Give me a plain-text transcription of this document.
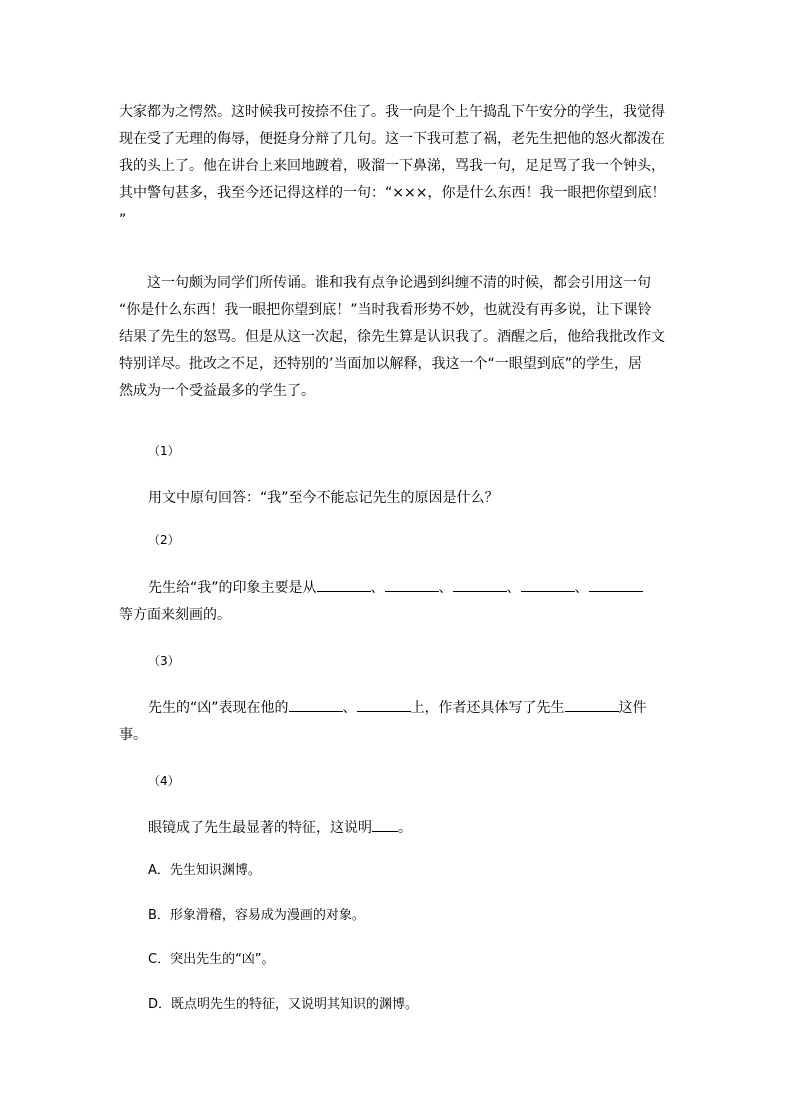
大家都为之愕然。这时候我可按捺不住了。我一向是个上午捣乱下午安分的学生，我觉得
现在受了无理的侮辱，便挺身分辩了几句。这一下我可惹了祸，老先生把他的怒火都泼在
我的头上了。他在讲台上来回地踱着，吸溜一下鼻涕，骂我一句，足足骂了我一个钟头，
其中警句甚多，我至今还记得这样的一句：“×××，你是什么东西！我一眼把你望到底！
”
这一句颇为同学们所传诵。谁和我有点争论遇到纠缠不清的时候，都会引用这一句
“你是什么东西！我一眼把你望到底！”当时我看形势不妙，也就没有再多说，让下课铃
结果了先生的怒骂。但是从这一次起，徐先生算是认识我了。酒醒之后，他给我批改作文
特别详尽。批改之不足，还特别的’当面加以解释，我这一个“一眼望到底”的学生，居
然成为一个受益最多的学生了。
（1）
用文中原句回答：“我”至今不能忘记先生的原因是什么？
（2）
先生给“我”的印象主要是从	、	、	、	、
等方面来刻画的。
（3）
先生的“凶”表现在他的	、	上，作者还具体写了先生	这件
事。
（4）
眼镜成了先生最显著的特征，这说明 。
A．先生知识渊博。
B．形象滑稽，容易成为漫画的对象。
C．突出先生的“凶”。
D．既点明先生的特征，又说明其知识的渊博。
